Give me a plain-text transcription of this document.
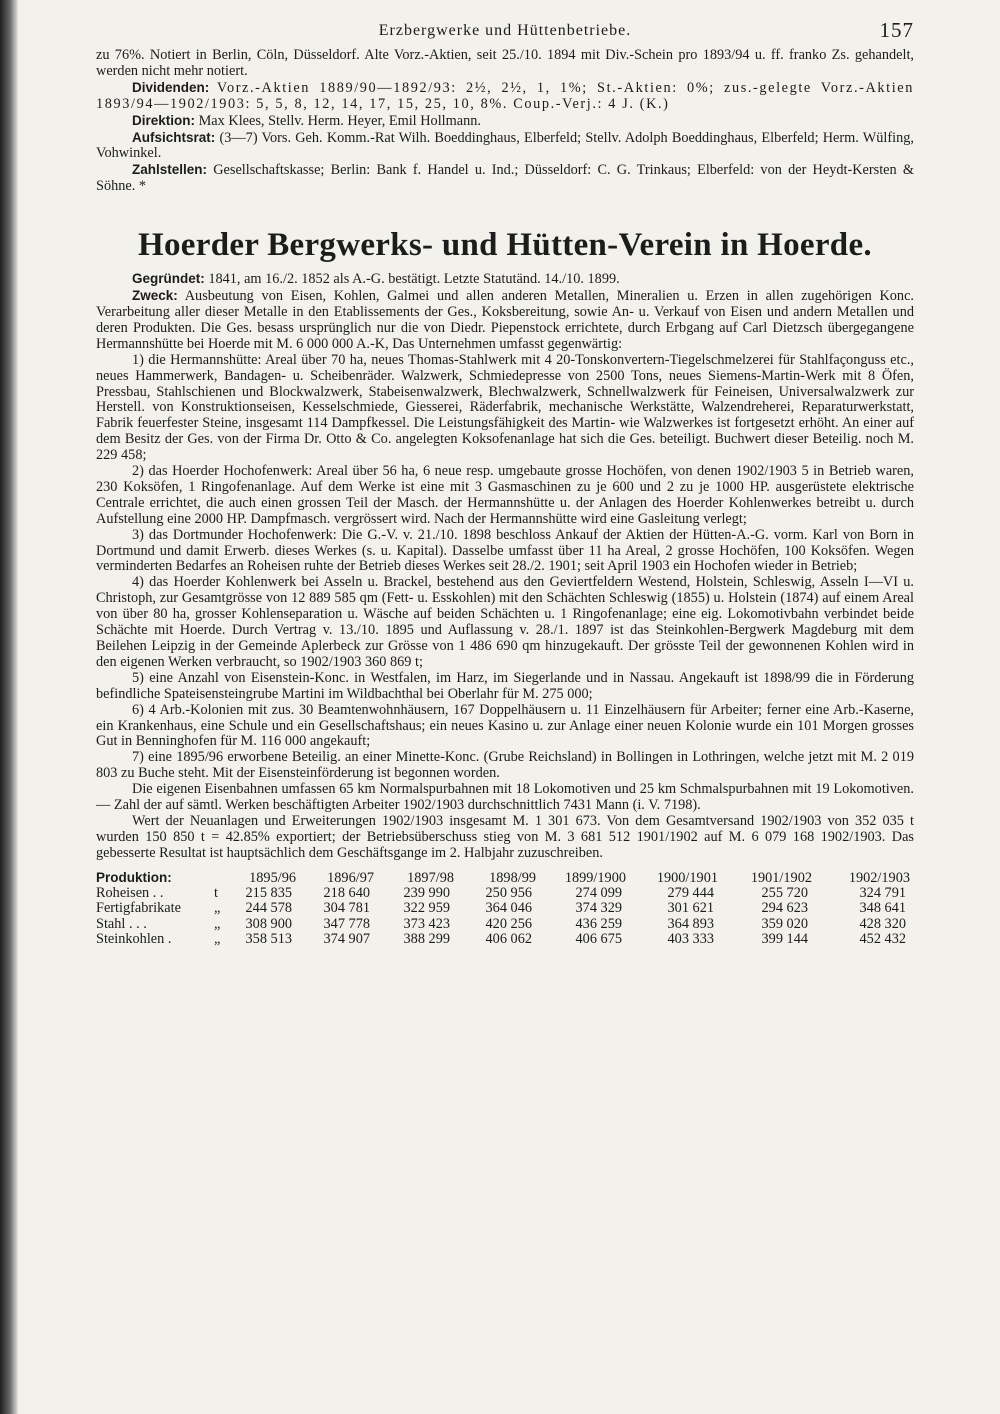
Erzbergwerke und Hüttenbetriebe.	157

zu 76%. Notiert in Berlin, Cöln, Düsseldorf. Alte Vorz.-Aktien, seit 25./10. 1894 mit Div.-Schein pro 1893/94 u. ff. franko Zs. gehandelt, werden nicht mehr notiert.

Dividenden: Vorz.-Aktien 1889/90—1892/93: 2½, 2½, 1, 1%; St.-Aktien: 0%; zus.-gelegte Vorz.-Aktien 1893/94—1902/1903: 5, 5, 8, 12, 14, 17, 15, 25, 10, 8%. Coup.-Verj.: 4 J. (K.)

Direktion: Max Klees, Stellv. Herm. Heyer, Emil Hollmann.

Aufsichtsrat: (3—7) Vors. Geh. Komm.-Rat Wilh. Boeddinghaus, Elberfeld; Stellv. Adolph Boeddinghaus, Elberfeld; Herm. Wülfing, Vohwinkel.

Zahlstellen: Gesellschaftskasse; Berlin: Bank f. Handel u. Ind.; Düsseldorf: C. G. Trinkaus; Elberfeld: von der Heydt-Kersten & Söhne. *

Hoerder Bergwerks- und Hütten-Verein in Hoerde.

Gegründet: 1841, am 16./2. 1852 als A.-G. bestätigt. Letzte Statutänd. 14./10. 1899.

Zweck: Ausbeutung von Eisen, Kohlen, Galmei und allen anderen Metallen, Mineralien u. Erzen in allen zugehörigen Konc. Verarbeitung aller dieser Metalle in den Etablissements der Ges., Koksbereitung, sowie An- u. Verkauf von Eisen und andern Metallen und deren Produkten. Die Ges. besass ursprünglich nur die von Diedr. Piepenstock errichtete, durch Erbgang auf Carl Dietzsch übergegangene Hermannshütte bei Hoerde mit M. 6 000 000 A.-K, Das Unternehmen umfasst gegenwärtig:

1) die Hermannshütte: Areal über 70 ha, neues Thomas-Stahlwerk mit 4 20-Tonskonvertern-Tiegelschmelzerei für Stahlfaçonguss etc., neues Hammerwerk, Bandagen- u. Scheibenräder. Walzwerk, Schmiedepresse von 2500 Tons, neues Siemens-Martin-Werk mit 8 Öfen, Pressbau, Stahlschienen und Blockwalzwerk, Stabeisenwalzwerk, Blechwalzwerk, Schnellwalzwerk für Feineisen, Universalwalzwerk zur Herstell. von Konstruktionseisen, Kesselschmiede, Giesserei, Räderfabrik, mechanische Werkstätte, Walzendreherei, Reparaturwerkstatt, Fabrik feuerfester Steine, insgesamt 114 Dampfkessel. Die Leistungsfähigkeit des Martin- wie Walzwerkes ist fortgesetzt erhöht. An einer auf dem Besitz der Ges. von der Firma Dr. Otto & Co. angelegten Koksofenanlage hat sich die Ges. beteiligt. Buchwert dieser Beteilig. noch M. 229 458;

2) das Hoerder Hochofenwerk: Areal über 56 ha, 6 neue resp. umgebaute grosse Hochöfen, von denen 1902/1903 5 in Betrieb waren, 230 Koksöfen, 1 Ringofenanlage. Auf dem Werke ist eine mit 3 Gasmaschinen zu je 600 und 2 zu je 1000 HP. ausgerüstete elektrische Centrale errichtet, die auch einen grossen Teil der Masch. der Hermannshütte u. der Anlagen des Hoerder Kohlenwerkes betreibt u. durch Aufstellung eine 2000 HP. Dampfmasch. vergrössert wird. Nach der Hermannshütte wird eine Gasleitung verlegt;

3) das Dortmunder Hochofenwerk: Die G.-V. v. 21./10. 1898 beschloss Ankauf der Aktien der Hütten-A.-G. vorm. Karl von Born in Dortmund und damit Erwerb. dieses Werkes (s. u. Kapital). Dasselbe umfasst über 11 ha Areal, 2 grosse Hochöfen, 100 Koksöfen. Wegen verminderten Bedarfes an Roheisen ruhte der Betrieb dieses Werkes seit 28./2. 1901; seit April 1903 ein Hochofen wieder in Betrieb;

4) das Hoerder Kohlenwerk bei Asseln u. Brackel, bestehend aus den Geviertfeldern Westend, Holstein, Schleswig, Asseln I—VI u. Christoph, zur Gesamtgrösse von 12 889 585 qm (Fett- u. Esskohlen) mit den Schächten Schleswig (1855) u. Holstein (1874) auf einem Areal von über 80 ha, grosser Kohlenseparation u. Wäsche auf beiden Schächten u. 1 Ringofenanlage; eine eig. Lokomotivbahn verbindet beide Schächte mit Hoerde. Durch Vertrag v. 13./10. 1895 und Auflassung v. 28./1. 1897 ist das Steinkohlen-Bergwerk Magdeburg mit dem Beilehen Leipzig in der Gemeinde Aplerbeck zur Grösse von 1 486 690 qm hinzugekauft. Der grösste Teil der gewonnenen Kohlen wird in den eigenen Werken verbraucht, so 1902/1903 360 869 t;

5) eine Anzahl von Eisenstein-Konc. in Westfalen, im Harz, im Siegerlande und in Nassau. Angekauft ist 1898/99 die in Förderung befindliche Spateisensteingrube Martini im Wildbachthal bei Oberlahr für M. 275 000;

6) 4 Arb.-Kolonien mit zus. 30 Beamtenwohnhäusern, 167 Doppelhäusern u. 11 Einzelhäusern für Arbeiter; ferner eine Arb.-Kaserne, ein Krankenhaus, eine Schule und ein Gesellschaftshaus; ein neues Kasino u. zur Anlage einer neuen Kolonie wurde ein 101 Morgen grosses Gut in Benninghofen für M. 116 000 angekauft;

7) eine 1895/96 erworbene Beteilig. an einer Minette-Konc. (Grube Reichsland) in Bollingen in Lothringen, welche jetzt mit M. 2 019 803 zu Buche steht. Mit der Eisensteinförderung ist begonnen worden.

Die eigenen Eisenbahnen umfassen 65 km Normalspurbahnen mit 18 Lokomotiven und 25 km Schmalspurbahnen mit 19 Lokomotiven. — Zahl der auf sämtl. Werken beschäftigten Arbeiter 1902/1903 durchschnittlich 7431 Mann (i. V. 7198).

Wert der Neuanlagen und Erweiterungen 1902/1903 insgesamt M. 1 301 673. Von dem Gesamtversand 1902/1903 von 352 035 t wurden 150 850 t = 42.85% exportiert; der Betriebsüberschuss stieg von M. 3 681 512 1901/1902 auf M. 6 079 168 1902/1903. Das gebesserte Resultat ist hauptsächlich dem Geschäftsgange im 2. Halbjahr zuzuschreiben.

Produktion:		1895/96	1896/97	1897/98	1898/99	1899/1900	1900/1901	1901/1902	1902/1903
Roheisen . .	t	215 835	218 640	239 990	250 956	274 099	279 444	255 720	324 791
Fertigfabrikate	„	244 578	304 781	322 959	364 046	374 329	301 621	294 623	348 641
Stahl . . .	„	308 900	347 778	373 423	420 256	436 259	364 893	359 020	428 320
Steinkohlen .	„	358 513	374 907	388 299	406 062	406 675	403 333	399 144	452 432
